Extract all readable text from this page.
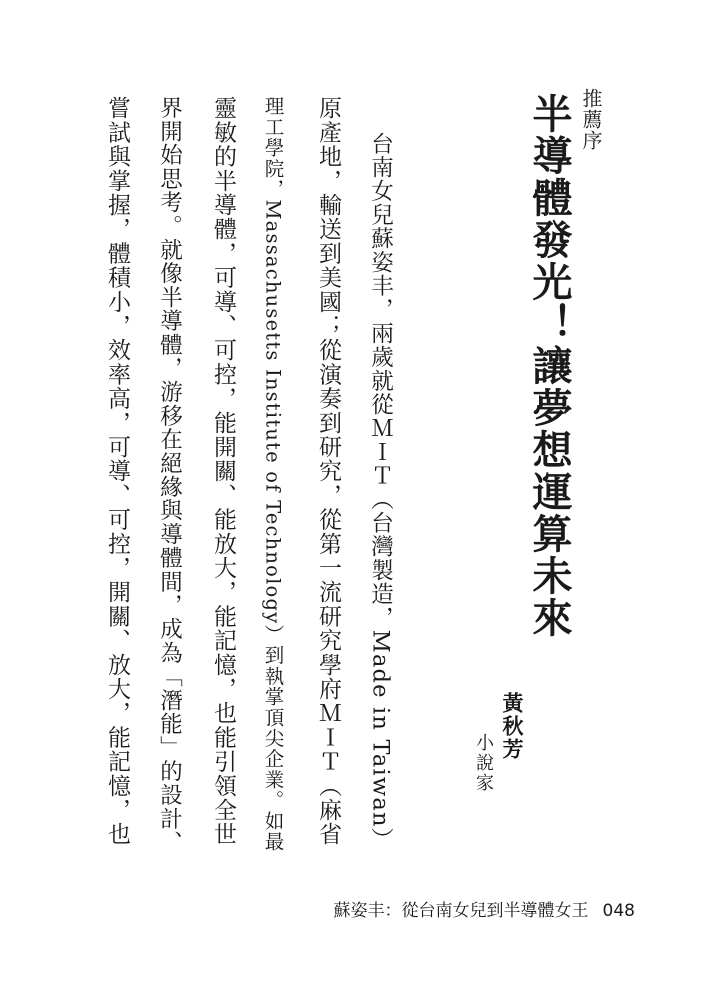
推薦序
半導體發光！讓夢想運算未來
黃秋芳
小說家
台南女兒蘇姿丰，兩歲就從ＭＩＴ（台灣製造，Made in Taiwan）
原產地，輸送到美國；從演奏到研究，從第一流研究學府ＭＩＴ（麻省
理工學院，Massachusetts Institute of Technology）到執掌頂尖企業。如最
靈敏的半導體，可導、可控，能開關、能放大，能記憶，也能引領全世
界開始思考。就像半導體，游移在絕緣與導體間，成為「潛能」的設計、
嘗試與掌握，體積小，效率高，可導、可控，開關、放大，能記憶，也
蘇姿丰：從台南女兒到半導體女王 048
